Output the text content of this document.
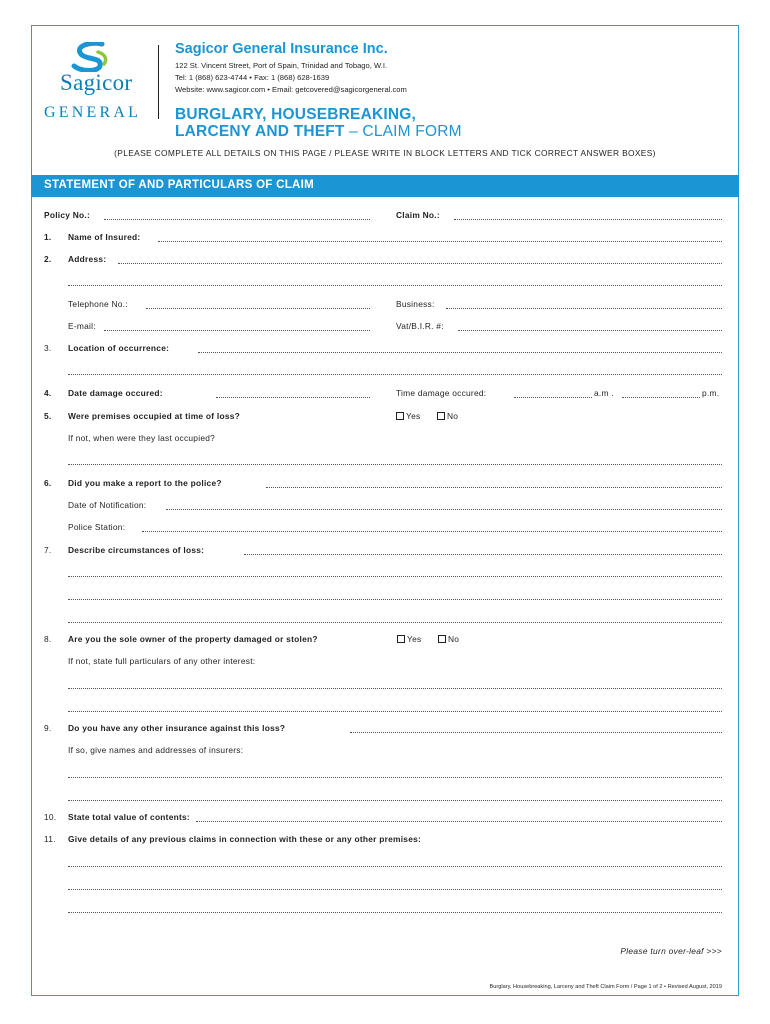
Sagicor
GENERAL
Sagicor General Insurance Inc.
122 St. Vincent Street, Port of Spain, Trinidad and Tobago, W.I.
Tel: 1 (868) 623-4744 • Fax: 1 (868) 628-1639
Website: www.sagicor.com • Email: getcovered@sagicorgeneral.com
BURGLARY, HOUSEBREAKING,
LARCENY AND THEFT – CLAIM FORM
(PLEASE COMPLETE ALL DETAILS ON THIS PAGE / PLEASE WRITE IN BLOCK LETTERS AND TICK CORRECT ANSWER BOXES)
STATEMENT OF AND PARTICULARS OF CLAIM
Policy No.:	Claim No.:
1. Name of Insured:
2. Address:
Telephone No.:	Business:
E-mail:	Vat/B.I.R. #:
3. Location of occurrence:
4. Date damage occured:	Time damage occured:	a.m .	p.m.
5. Were premises occupied at time of loss?	Yes	No
If not, when were they last occupied?
6. Did you make a report to the police?
Date of Notification:
Police Station:
7. Describe circumstances of loss:
8. Are you the sole owner of the property damaged or stolen?	Yes	No
If not, state full particulars of any other interest:
9. Do you have any other insurance against this loss?
If so, give names and addresses of insurers:
10. State total value of contents:
11. Give details of any previous claims in connection with these or any other premises:
Please turn over-leaf >>>
Burglary, Housebreaking, Larceny and Theft Claim Form / Page 1 of 2 • Revised August, 2019
